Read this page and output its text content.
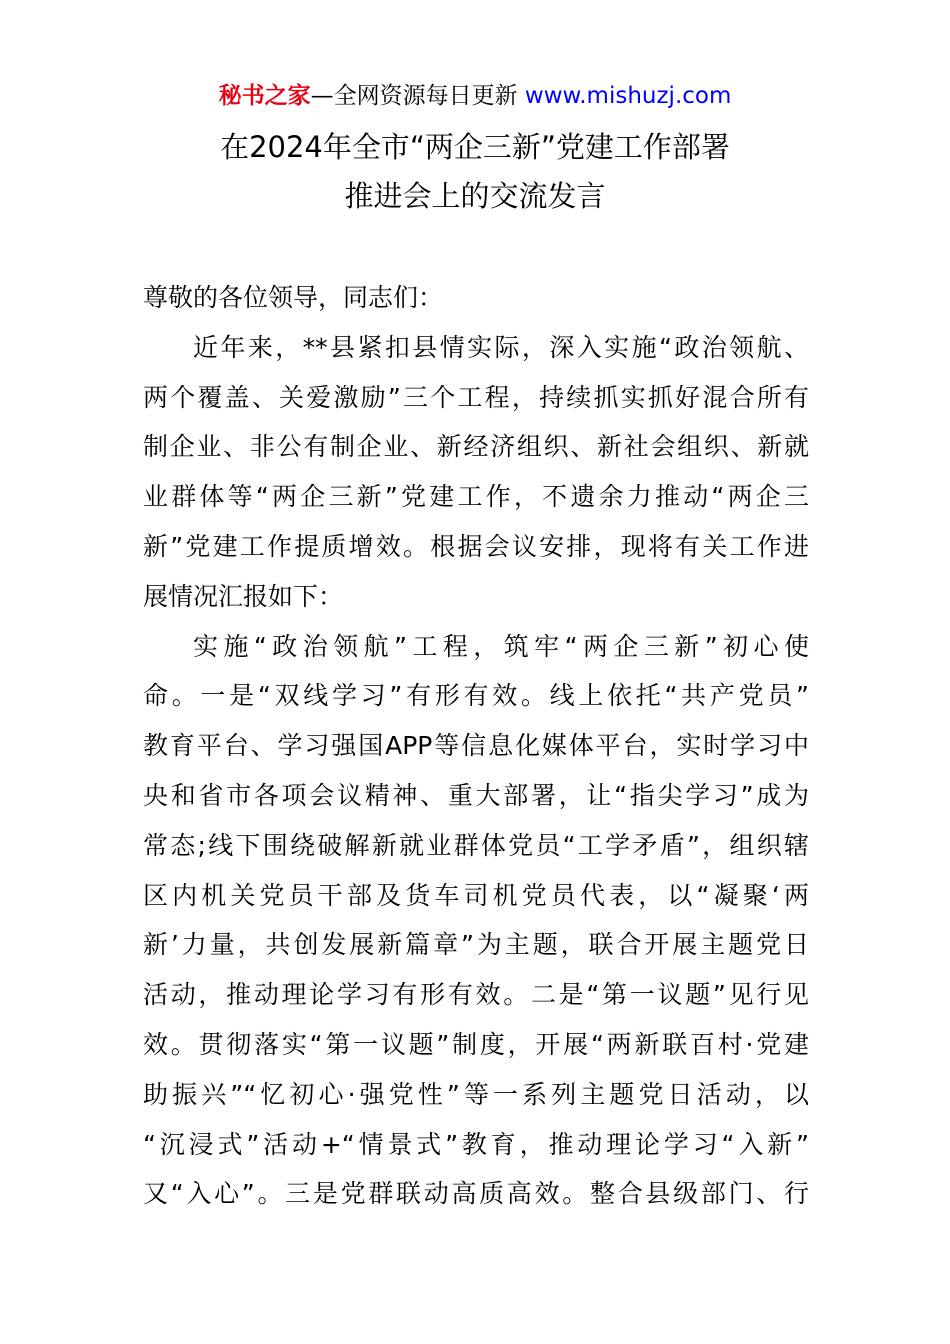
秘书之家—全网资源每日更新 www.mishuzj.com
在2024年全市“两企三新”党建工作部署
推进会上的交流发言
尊敬的各位领导，同志们：
近年来，**县紧扣县情实际，深入实施“政治领航、
两个覆盖、关爱激励”三个工程，持续抓实抓好混合所有
制企业、非公有制企业、新经济组织、新社会组织、新就
业群体等“两企三新”党建工作，不遗余力推动“两企三
新”党建工作提质增效。根据会议安排，现将有关工作进
展情况汇报如下：
实施“政治领航”工程，筑牢“两企三新”初心使
命。一是“双线学习”有形有效。线上依托“共产党员”
教育平台、学习强国APP等信息化媒体平台，实时学习中
央和省市各项会议精神、重大部署，让“指尖学习”成为
常态;线下围绕破解新就业群体党员“工学矛盾”，组织辖
区内机关党员干部及货车司机党员代表，以“凝聚‘两
新’力量，共创发展新篇章”为主题，联合开展主题党日
活动，推动理论学习有形有效。二是“第一议题”见行见
效。贯彻落实“第一议题”制度，开展“两新联百村·党建
助振兴”“忆初心·强党性”等一系列主题党日活动，以
“沉浸式”活动+“情景式”教育，推动理论学习“入新”
又“入心”。三是党群联动高质高效。整合县级部门、行
